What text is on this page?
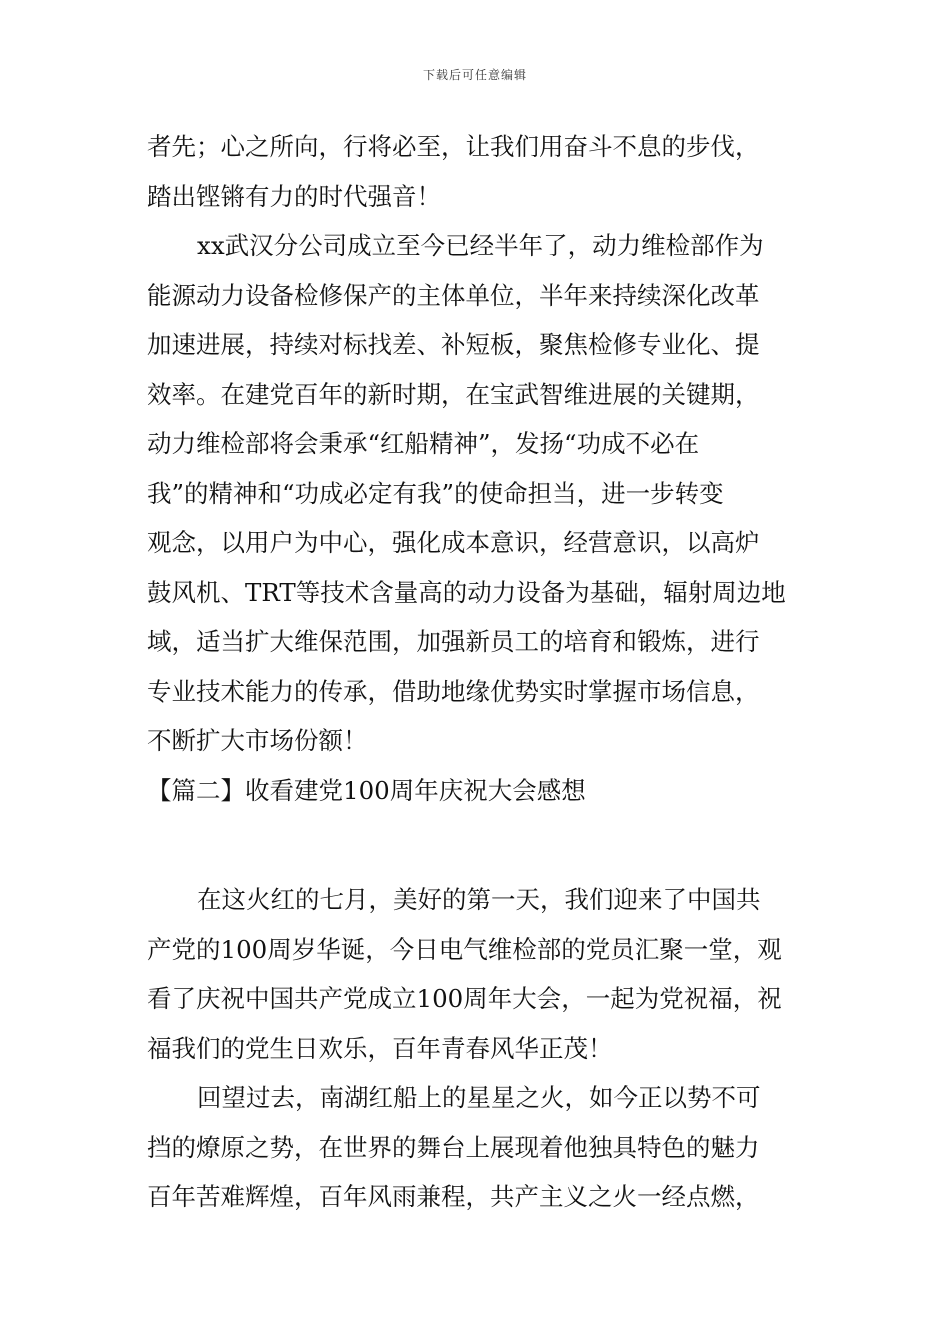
下载后可任意编辑
者先；心之所向，行将必至，让我们用奋斗不息的步伐，
踏出铿锵有力的时代强音！
xx武汉分公司成立至今已经半年了，动力维检部作为
能源动力设备检修保产的主体单位，半年来持续深化改革
加速进展，持续对标找差、补短板，聚焦检修专业化、提
效率。在建党百年的新时期，在宝武智维进展的关键期，
动力维检部将会秉承“红船精神”，发扬“功成不必在
我”的精神和“功成必定有我”的使命担当，进一步转变
观念，以用户为中心，强化成本意识，经营意识，以高炉
鼓风机、TRT等技术含量高的动力设备为基础，辐射周边地
域，适当扩大维保范围，加强新员工的培育和锻炼，进行
专业技术能力的传承，借助地缘优势实时掌握市场信息，
不断扩大市场份额！
【篇二】收看建党100周年庆祝大会感想
在这火红的七月，美好的第一天，我们迎来了中国共
产党的100周岁华诞，今日电气维检部的党员汇聚一堂，观
看了庆祝中国共产党成立100周年大会，一起为党祝福，祝
福我们的党生日欢乐，百年青春风华正茂！
回望过去，南湖红船上的星星之火，如今正以势不可
挡的燎原之势，在世界的舞台上展现着他独具特色的魅力
百年苦难辉煌，百年风雨兼程，共产主义之火一经点燃，
